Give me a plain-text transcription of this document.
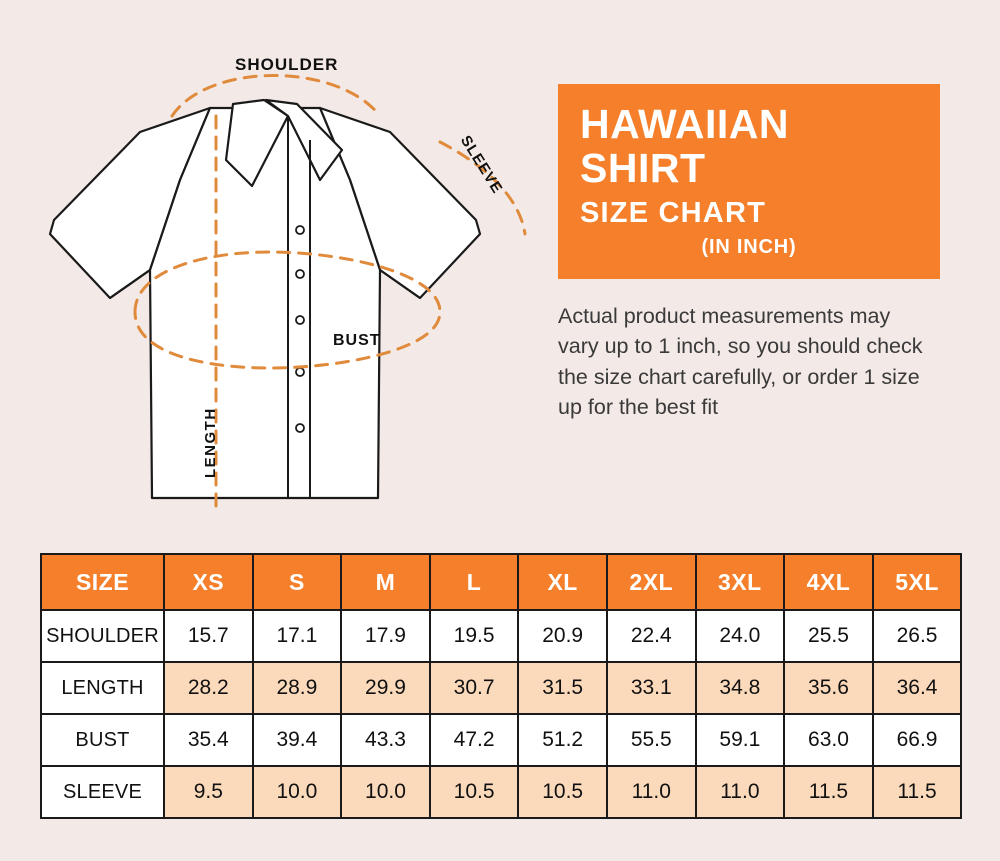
SHOULDER
SLEEVE
BUST
LENGTH
HAWAIIAN
SHIRT
SIZE CHART
(IN INCH)
Actual product measurements may vary up to 1 inch, so you should check the size chart carefully, or order 1 size up for the best fit
SIZE	XS	S	M	L	XL	2XL	3XL	4XL	5XL
SHOULDER	15.7	17.1	17.9	19.5	20.9	22.4	24.0	25.5	26.5
LENGTH	28.2	28.9	29.9	30.7	31.5	33.1	34.8	35.6	36.4
BUST	35.4	39.4	43.3	47.2	51.2	55.5	59.1	63.0	66.9
SLEEVE	9.5	10.0	10.0	10.5	10.5	11.0	11.0	11.5	11.5
